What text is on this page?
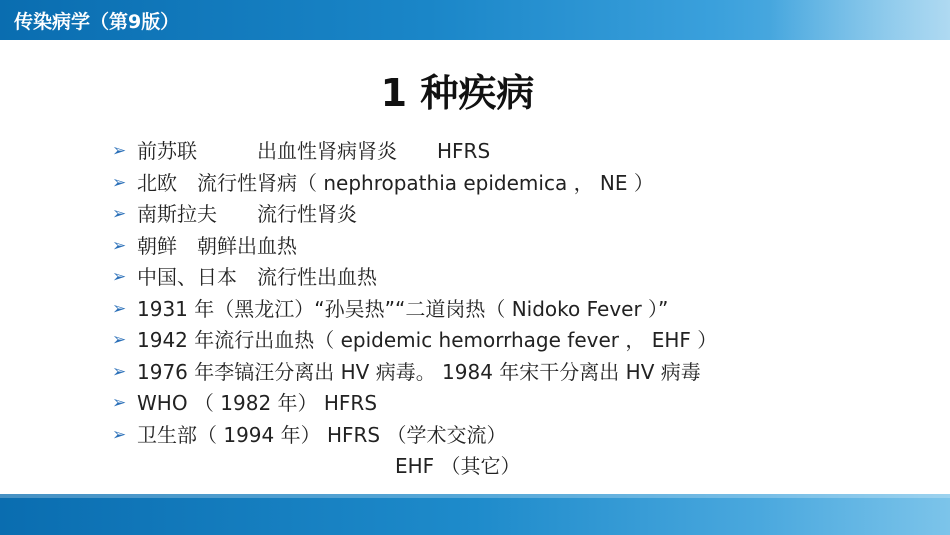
传染病学（第9版）
1 种疾病
➢ 前苏联　　　出血性肾病肾炎　　HFRS
➢ 北欧　流行性肾病（ nephropathia epidemica ， NE ）
➢ 南斯拉夫　　流行性肾炎
➢ 朝鲜　朝鲜出血热
➢ 中国、日本　流行性出血热
➢ 1931 年（黑龙江）“孙吴热”“二道岗热（ Nidoko Fever ）”
➢ 1942 年流行出血热（ epidemic hemorrhage fever ， EHF ）
➢ 1976 年李镐汪分离出 HV 病毒。 1984 年宋干分离出 HV 病毒
➢ WHO （ 1982 年） HFRS
➢ 卫生部（ 1994 年） HFRS （学术交流）
EHF （其它）
